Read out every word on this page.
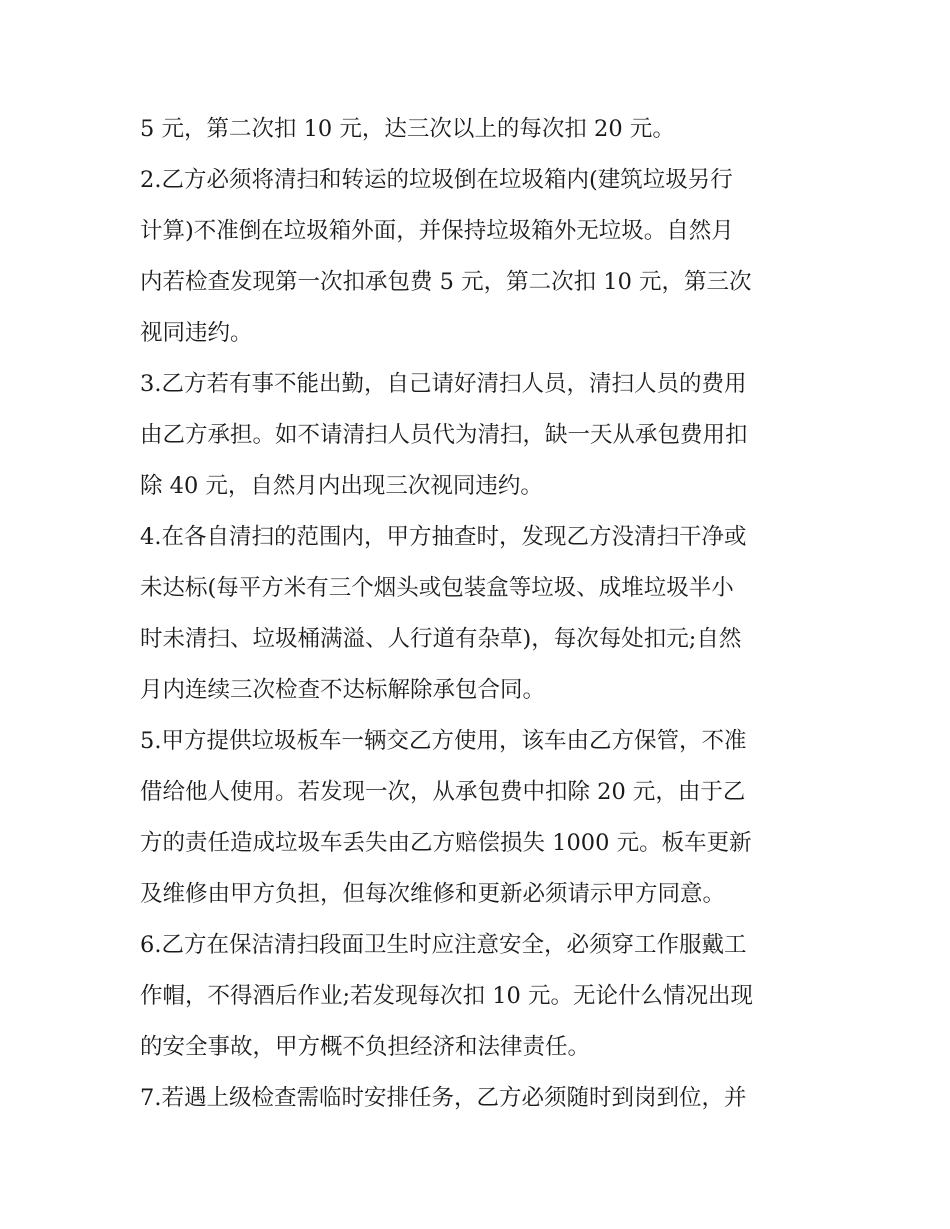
5 元，第二次扣 10 元，达三次以上的每次扣 20 元。
2.乙方必须将清扫和转运的垃圾倒在垃圾箱内(建筑垃圾另行
计算)不准倒在垃圾箱外面，并保持垃圾箱外无垃圾。自然月
内若检查发现第一次扣承包费 5 元，第二次扣 10 元，第三次
视同违约。
3.乙方若有事不能出勤，自己请好清扫人员，清扫人员的费用
由乙方承担。如不请清扫人员代为清扫，缺一天从承包费用扣
除 40 元，自然月内出现三次视同违约。
4.在各自清扫的范围内，甲方抽查时，发现乙方没清扫干净或
未达标(每平方米有三个烟头或包装盒等垃圾、成堆垃圾半小
时未清扫、垃圾桶满溢、人行道有杂草)，每次每处扣元;自然
月内连续三次检查不达标解除承包合同。
5.甲方提供垃圾板车一辆交乙方使用，该车由乙方保管，不准
借给他人使用。若发现一次，从承包费中扣除 20 元，由于乙
方的责任造成垃圾车丢失由乙方赔偿损失 1000 元。板车更新
及维修由甲方负担，但每次维修和更新必须请示甲方同意。
6.乙方在保洁清扫段面卫生时应注意安全，必须穿工作服戴工
作帽，不得酒后作业;若发现每次扣 10 元。无论什么情况出现
的安全事故，甲方概不负担经济和法律责任。
7.若遇上级检查需临时安排任务，乙方必须随时到岗到位，并
